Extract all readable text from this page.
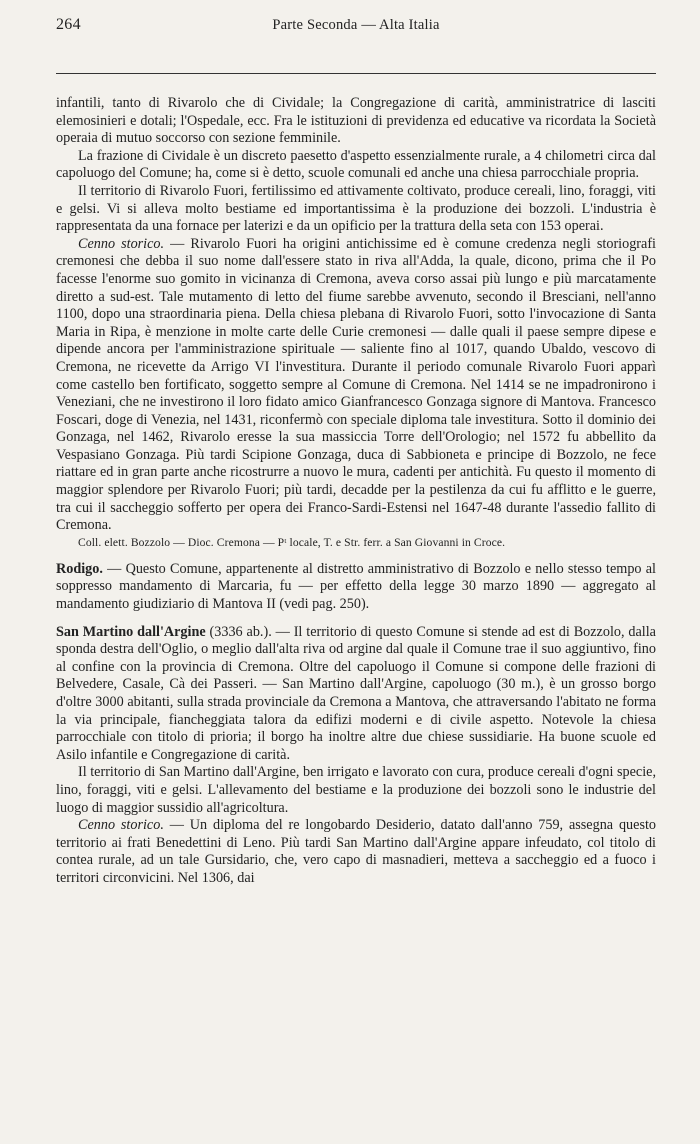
264	Parte Seconda — Alta Italia

infantili, tanto di Rivarolo che di Cividale; la Congregazione di carità, amministratrice di lasciti elemosinieri e dotali; l'Ospedale, ecc. Fra le istituzioni di previdenza ed educative va ricordata la Società operaia di mutuo soccorso con sezione femminile.

La frazione di Cividale è un discreto paesetto d'aspetto essenzialmente rurale, a 4 chilometri circa dal capoluogo del Comune; ha, come si è detto, scuole comunali ed anche una chiesa parrocchiale propria.

Il territorio di Rivarolo Fuori, fertilissimo ed attivamente coltivato, produce cereali, lino, foraggi, viti e gelsi. Vi si alleva molto bestiame ed importantissima è la produzione dei bozzoli. L'industria è rappresentata da una fornace per laterizi e da un opificio per la trattura della seta con 153 operai.

Cenno storico. — Rivarolo Fuori ha origini antichissime ed è comune credenza negli storiografi cremonesi che debba il suo nome dall'essere stato in riva all'Adda, la quale, dicono, prima che il Po facesse l'enorme suo gomito in vicinanza di Cremona, aveva corso assai più lungo e più marcatamente diretto a sud-est. Tale mutamento di letto del fiume sarebbe avvenuto, secondo il Bresciani, nell'anno 1100, dopo una straordinaria piena. Della chiesa plebana di Rivarolo Fuori, sotto l'invocazione di Santa Maria in Ripa, è menzione in molte carte delle Curie cremonesi — dalle quali il paese sempre dipese e dipende ancora per l'amministrazione spirituale — saliente fino al 1017, quando Ubaldo, vescovo di Cremona, ne ricevette da Arrigo VI l'investitura. Durante il periodo comunale Rivarolo Fuori apparì come castello ben fortificato, soggetto sempre al Comune di Cremona. Nel 1414 se ne impadronirono i Veneziani, che ne investirono il loro fidato amico Gianfrancesco Gonzaga signore di Mantova. Francesco Foscari, doge di Venezia, nel 1431, riconfermò con speciale diploma tale investitura. Sotto il dominio dei Gonzaga, nel 1462, Rivarolo eresse la sua massiccia Torre dell'Orologio; nel 1572 fu abbellito da Vespasiano Gonzaga. Più tardi Scipione Gonzaga, duca di Sabbioneta e principe di Bozzolo, ne fece riattare ed in gran parte anche ricostrurre a nuovo le mura, cadenti per antichità. Fu questo il momento di maggior splendore per Rivarolo Fuori; più tardi, decadde per la pestilenza da cui fu afflitto e le guerre, tra cui il saccheggio sofferto per opera dei Franco-Sardi-Estensi nel 1647-48 durante l'assedio fallito di Cremona.

Coll. elett. Bozzolo — Dioc. Cremona — Pᵗ locale, T. e Str. ferr. a San Giovanni in Croce.

Rodigo. — Questo Comune, appartenente al distretto amministrativo di Bozzolo e nello stesso tempo al soppresso mandamento di Marcaria, fu — per effetto della legge 30 marzo 1890 — aggregato al mandamento giudiziario di Mantova II (vedi pag. 250).

San Martino dall'Argine (3336 ab.). — Il territorio di questo Comune si stende ad est di Bozzolo, dalla sponda destra dell'Oglio, o meglio dall'alta riva od argine dal quale il Comune trae il suo aggiuntivo, fino al confine con la provincia di Cremona. Oltre del capoluogo il Comune si compone delle frazioni di Belvedere, Casale, Cà dei Passeri. — San Martino dall'Argine, capoluogo (30 m.), è un grosso borgo d'oltre 3000 abitanti, sulla strada provinciale da Cremona a Mantova, che attraversando l'abitato ne forma la via principale, fiancheggiata talora da edifizi moderni e di civile aspetto. Notevole la chiesa parrocchiale con titolo di prioria; il borgo ha inoltre altre due chiese sussidiarie. Ha buone scuole ed Asilo infantile e Congregazione di carità.

Il territorio di San Martino dall'Argine, ben irrigato e lavorato con cura, produce cereali d'ogni specie, lino, foraggi, viti e gelsi. L'allevamento del bestiame e la produzione dei bozzoli sono le industrie del luogo di maggior sussidio all'agricoltura.

Cenno storico. — Un diploma del re longobardo Desiderio, datato dall'anno 759, assegna questo territorio ai frati Benedettini di Leno. Più tardi San Martino dall'Argine appare infeudato, col titolo di contea rurale, ad un tale Gursidario, che, vero capo di masnadieri, metteva a saccheggio ed a fuoco i territori circonvicini. Nel 1306, dai
